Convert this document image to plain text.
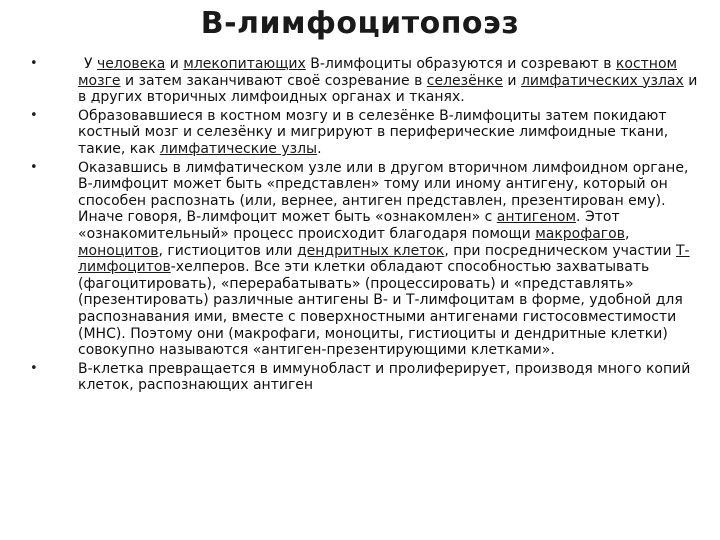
В-лимфоцитопоэз
•	У человека и млекопитающих В-лимфоциты образуются и созревают в костном мозге и затем заканчивают своё созревание в селезёнке и лимфатических узлах и в других вторичных лимфоидных органах и тканях.
•	Образовавшиеся в костном мозгу и в селезёнке В-лимфоциты затем покидают костный мозг и селезёнку и мигрируют в периферические лимфоидные ткани, такие, как лимфатические узлы.
•	Оказавшись в лимфатическом узле или в другом вторичном лимфоидном органе, В-лимфоцит может быть «представлен» тому или иному антигену, который он способен распознать (или, вернее, антиген представлен, презентирован ему). Иначе говоря, В-лимфоцит может быть «ознакомлен» с антигеном. Этот «ознакомительный» процесс происходит благодаря помощи макрофагов, моноцитов, гистиоцитов или дендритных клеток, при посредническом участии Т-лимфоцитов-хелперов. Все эти клетки обладают способностью захватывать (фагоцитировать), «перерабатывать» (процессировать) и «представлять» (презентировать) различные антигены В- и Т-лимфоцитам в форме, удобной для распознавания ими, вместе с поверхностными антигенами гистосовместимости (MHC). Поэтому они (макрофаги, моноциты, гистиоциты и дендритные клетки) совокупно называются «антиген-презентирующими клетками».
•	В-клетка превращается в иммунобласт и пролиферирует, производя много копий клеток, распознающих антиген
